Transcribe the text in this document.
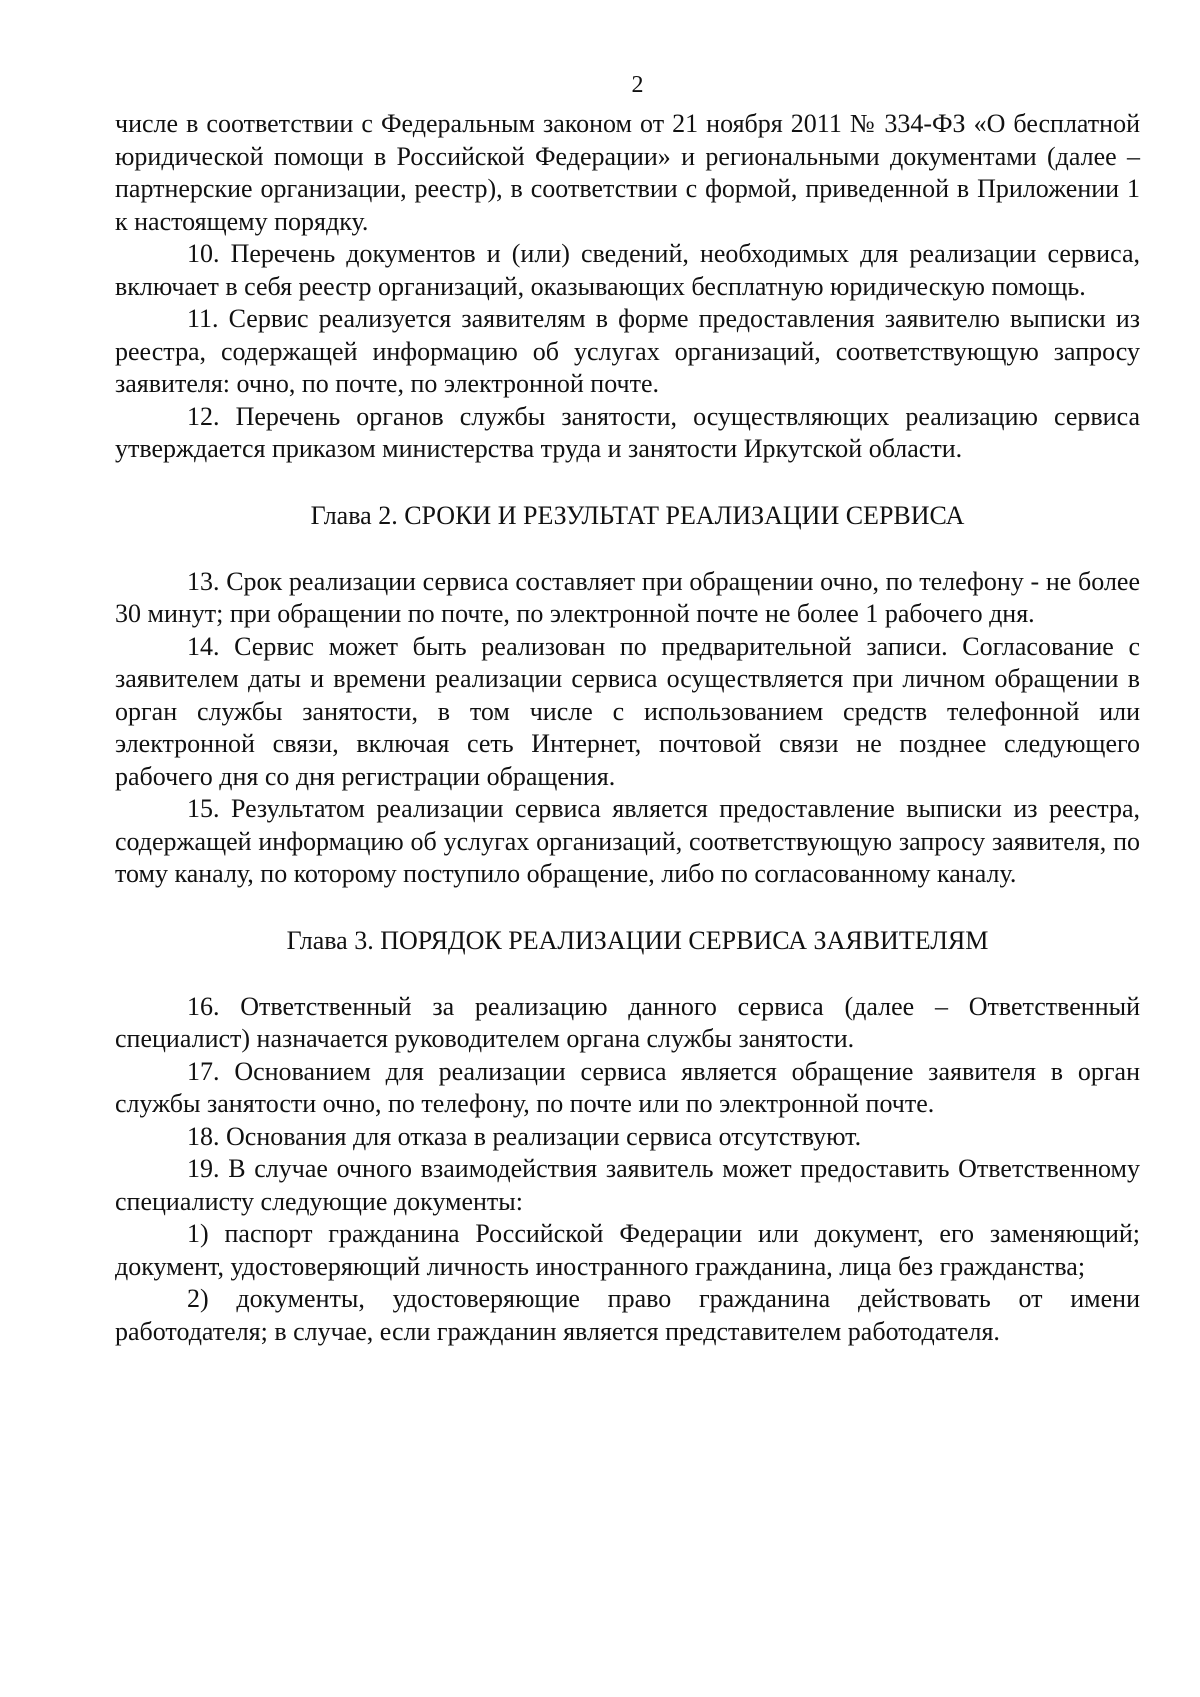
2

числе в соответствии с Федеральным законом от 21 ноября 2011 № 334-ФЗ «О бесплатной юридической помощи в Российской Федерации» и региональными документами (далее – партнерские организации, реестр), в соответствии с формой, приведенной в Приложении 1 к настоящему порядку.

10. Перечень документов и (или) сведений, необходимых для реализации сервиса, включает в себя реестр организаций, оказывающих бесплатную юридическую помощь.

11. Сервис реализуется заявителям в форме предоставления заявителю выписки из реестра, содержащей информацию об услугах организаций, соответствующую запросу заявителя: очно, по почте, по электронной почте.

12. Перечень органов службы занятости, осуществляющих реализацию сервиса утверждается приказом министерства труда и занятости Иркутской области.

Глава 2. СРОКИ И РЕЗУЛЬТАТ РЕАЛИЗАЦИИ СЕРВИСА

13. Срок реализации сервиса составляет при обращении очно, по телефону - не более 30 минут; при обращении по почте, по электронной почте не более 1 рабочего дня.

14. Сервис может быть реализован по предварительной записи. Согласование с заявителем даты и времени реализации сервиса осуществляется при личном обращении в орган службы занятости, в том числе с использованием средств телефонной или электронной связи, включая сеть Интернет, почтовой связи не позднее следующего рабочего дня со дня регистрации обращения.

15. Результатом реализации сервиса является предоставление выписки из реестра, содержащей информацию об услугах организаций, соответствующую запросу заявителя, по тому каналу, по которому поступило обращение, либо по согласованному каналу.

Глава 3. ПОРЯДОК РЕАЛИЗАЦИИ СЕРВИСА ЗАЯВИТЕЛЯМ

16. Ответственный за реализацию данного сервиса (далее – Ответственный специалист) назначается руководителем органа службы занятости.

17. Основанием для реализации сервиса является обращение заявителя в орган службы занятости очно, по телефону, по почте или по электронной почте.

18. Основания для отказа в реализации сервиса отсутствуют.

19. В случае очного взаимодействия заявитель может предоставить Ответственному специалисту следующие документы:

1) паспорт гражданина Российской Федерации или документ, его заменяющий; документ, удостоверяющий личность иностранного гражданина, лица без гражданства;

2) документы, удостоверяющие право гражданина действовать от имени работодателя; в случае, если гражданин является представителем работодателя.
